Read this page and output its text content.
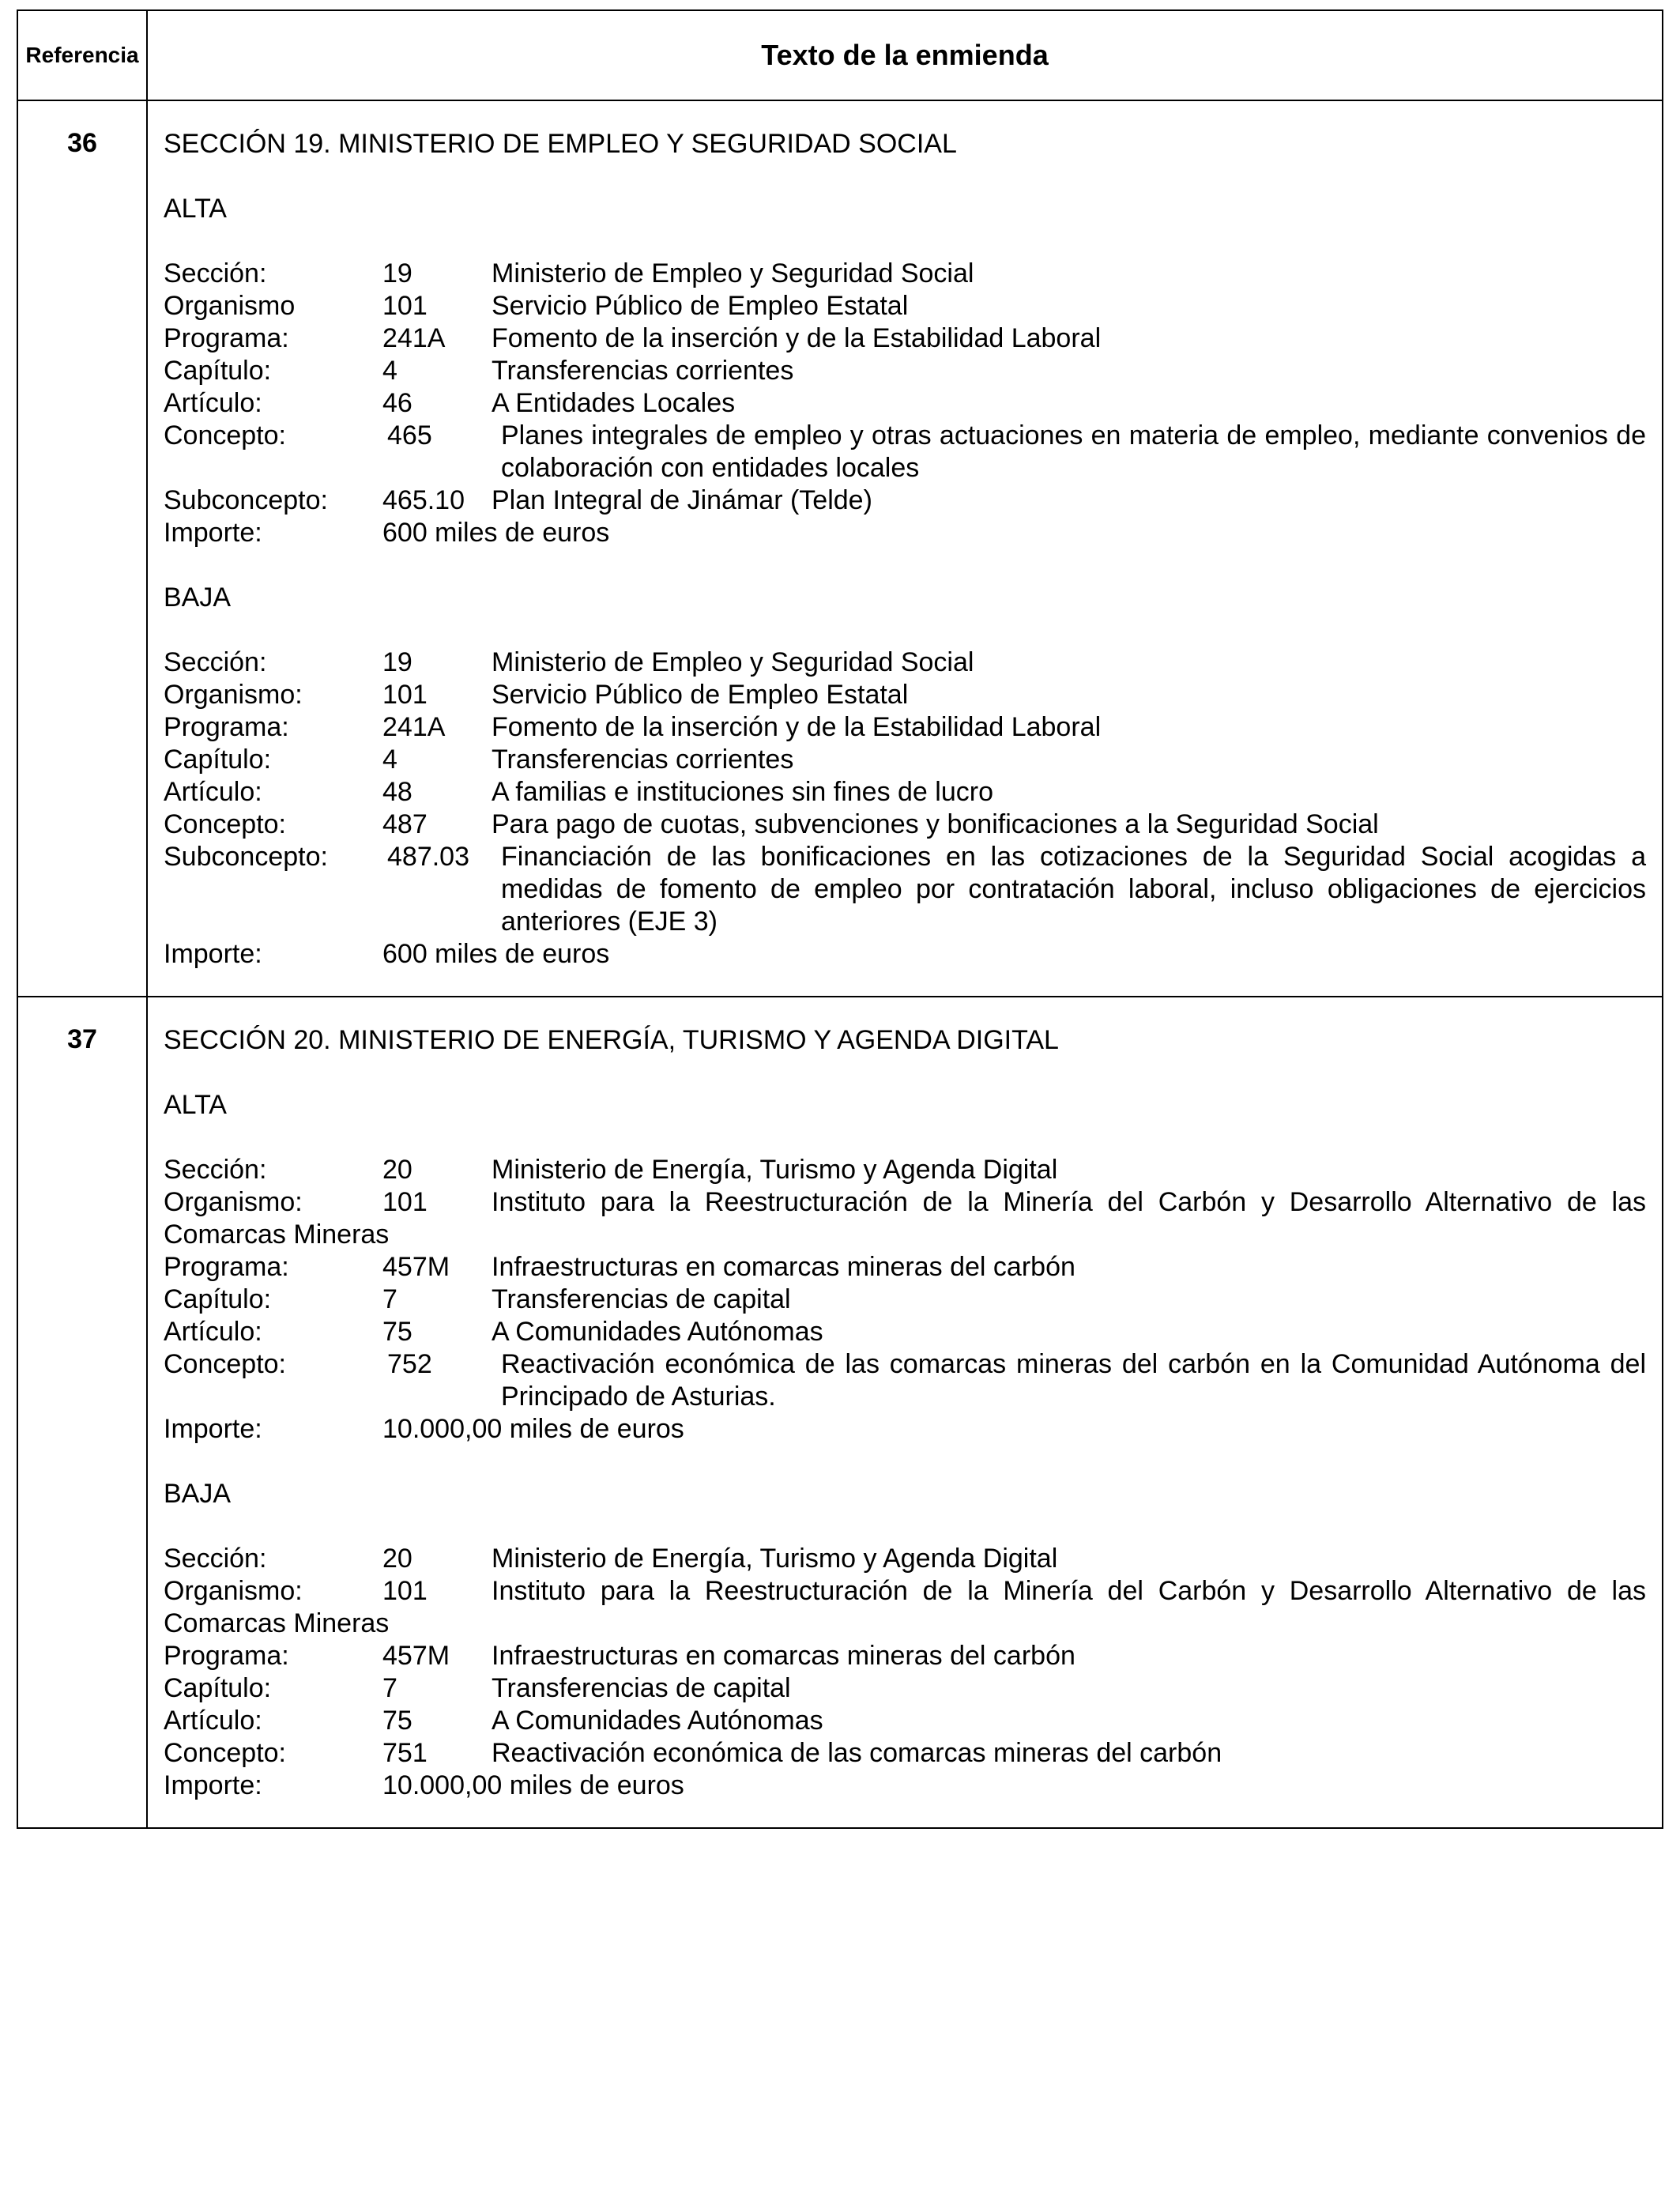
Referencia	Texto de la enmienda
36	SECCIÓN 19. MINISTERIO DE EMPLEO Y SEGURIDAD SOCIAL
ALTA
Sección:	19	Ministerio de Empleo y Seguridad Social
Organismo	101	Servicio Público de Empleo Estatal
Programa:	241A	Fomento de la inserción y de la Estabilidad Laboral
Capítulo:	4	Transferencias corrientes
Artículo:	46	A Entidades Locales
Concepto:	465	Planes integrales de empleo y otras actuaciones en materia de empleo, mediante convenios de colaboración con entidades locales
Subconcepto:	465.10	Plan Integral de Jinámar (Telde)
Importe:	600 miles de euros
BAJA
Sección:	19	Ministerio de Empleo y Seguridad Social
Organismo:	101	Servicio Público de Empleo Estatal
Programa:	241A	Fomento de la inserción y de la Estabilidad Laboral
Capítulo:	4	Transferencias corrientes
Artículo:	48	A familias e instituciones sin fines de lucro
Concepto:	487	Para pago de cuotas, subvenciones y bonificaciones a la Seguridad Social
Subconcepto:	487.03	Financiación de las bonificaciones en las cotizaciones de la Seguridad Social acogidas a medidas de fomento de empleo por contratación laboral, incluso obligaciones de ejercicios anteriores (EJE 3)
Importe:	600 miles de euros
37	SECCIÓN 20. MINISTERIO DE ENERGÍA, TURISMO Y AGENDA DIGITAL
ALTA
Sección:	20	Ministerio de Energía, Turismo y Agenda Digital
Organismo:	101 Instituto para la Reestructuración de la Minería del Carbón y Desarrollo Alternativo de las Comarcas Mineras
Programa:	457M	Infraestructuras en comarcas mineras del carbón
Capítulo:	7	Transferencias de capital
Artículo:	75	A Comunidades Autónomas
Concepto:	752	Reactivación económica de las comarcas mineras del carbón en la Comunidad Autónoma del Principado de Asturias.
Importe:	10.000,00 miles de euros
BAJA
Sección:	20	Ministerio de Energía, Turismo y Agenda Digital
Organismo:	101 Instituto para la Reestructuración de la Minería del Carbón y Desarrollo Alternativo de las Comarcas Mineras
Programa:	457M	Infraestructuras en comarcas mineras del carbón
Capítulo:	7	Transferencias de capital
Artículo:	75	A Comunidades Autónomas
Concepto:	751	Reactivación económica de las comarcas mineras del carbón
Importe:	10.000,00 miles de euros
